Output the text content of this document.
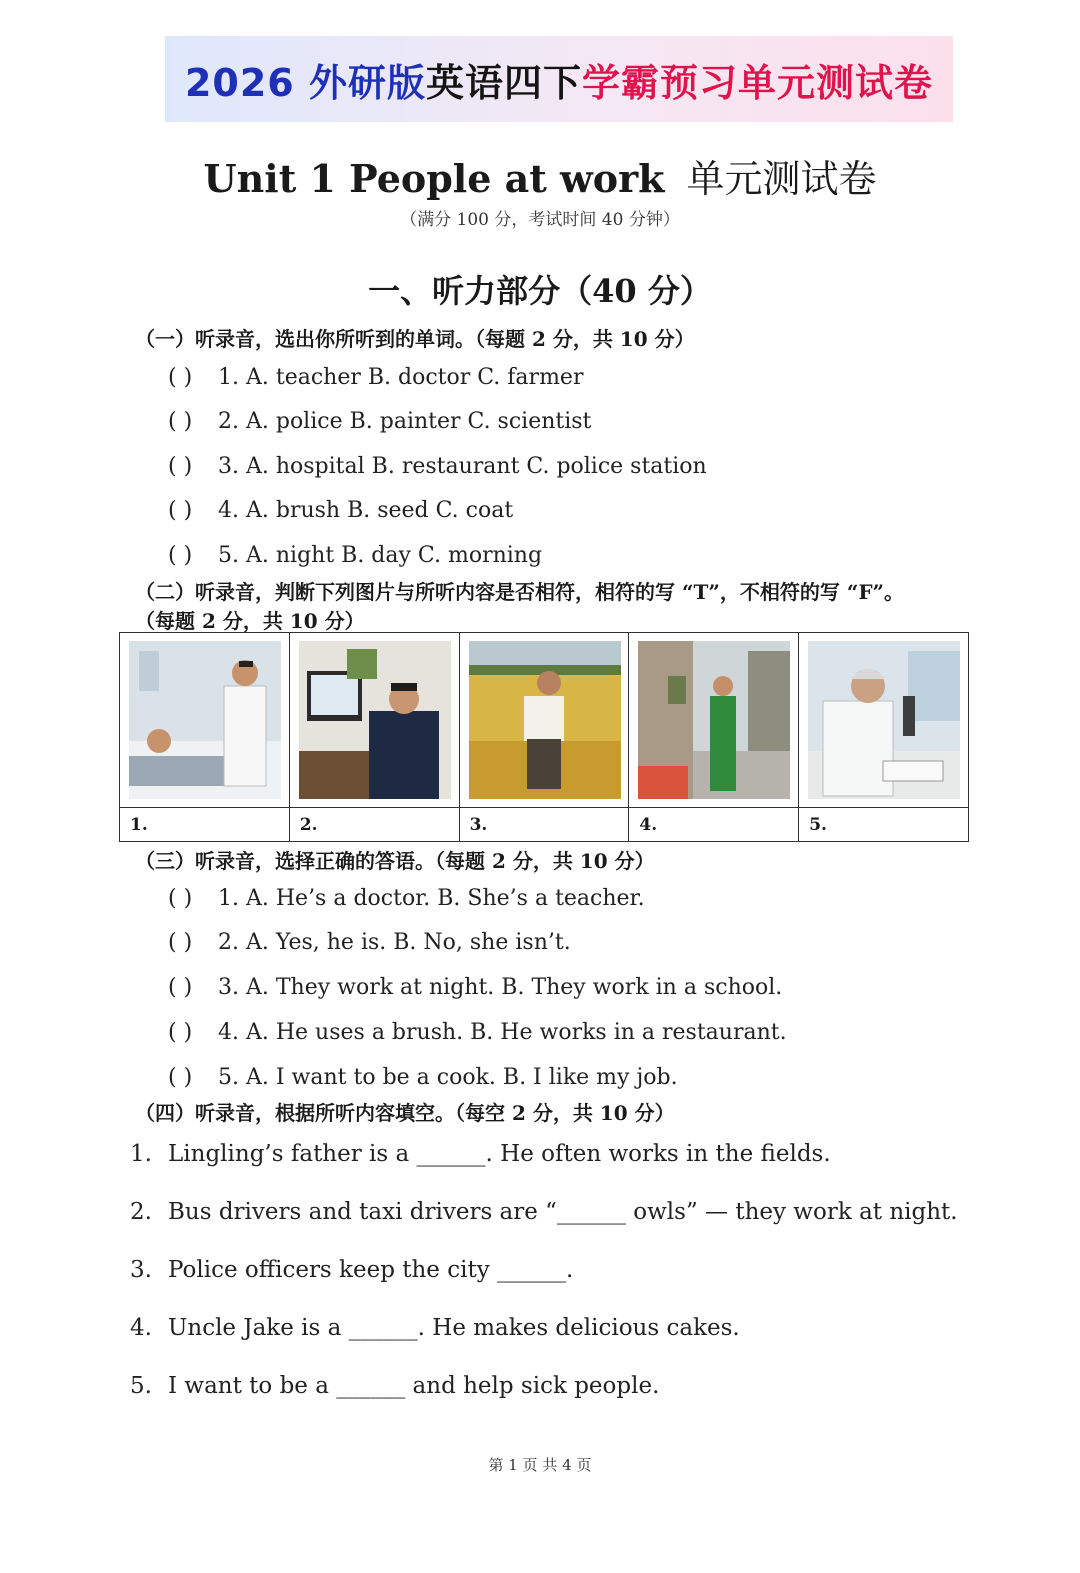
2026 外研版 英语四下 学霸预习单元测试卷
Unit 1 People at work 单元测试卷
（满分 100 分，考试时间 40 分钟）
一、听力部分（40 分）
（一）听录音，选出你所听到的单词。（每题 2 分，共 10 分）
( ) 1. A. teacher B. doctor C. farmer
( ) 2. A. police B. painter C. scientist
( ) 3. A. hospital B. restaurant C. police station
( ) 4. A. brush B. seed C. coat
( ) 5. A. night B. day C. morning
（二）听录音，判断下列图片与所听内容是否相符，相符的写 “T”，不相符的写 “F”。
（每题 2 分，共 10 分）
1.	2.	3.	4.	5.
（三）听录音，选择正确的答语。（每题 2 分，共 10 分）
( ) 1. A. He’s a doctor. B. She’s a teacher.
( ) 2. A. Yes, he is. B. No, she isn’t.
( ) 3. A. They work at night. B. They work in a school.
( ) 4. A. He uses a brush. B. He works in a restaurant.
( ) 5. A. I want to be a cook. B. I like my job.
（四）听录音，根据所听内容填空。（每空 2 分，共 10 分）
1. Lingling’s father is a ______. He often works in the fields.
2. Bus drivers and taxi drivers are “______ owls” — they work at night.
3. Police officers keep the city ______.
4. Uncle Jake is a ______. He makes delicious cakes.
5. I want to be a ______ and help sick people.
第 1 页 共 4 页
